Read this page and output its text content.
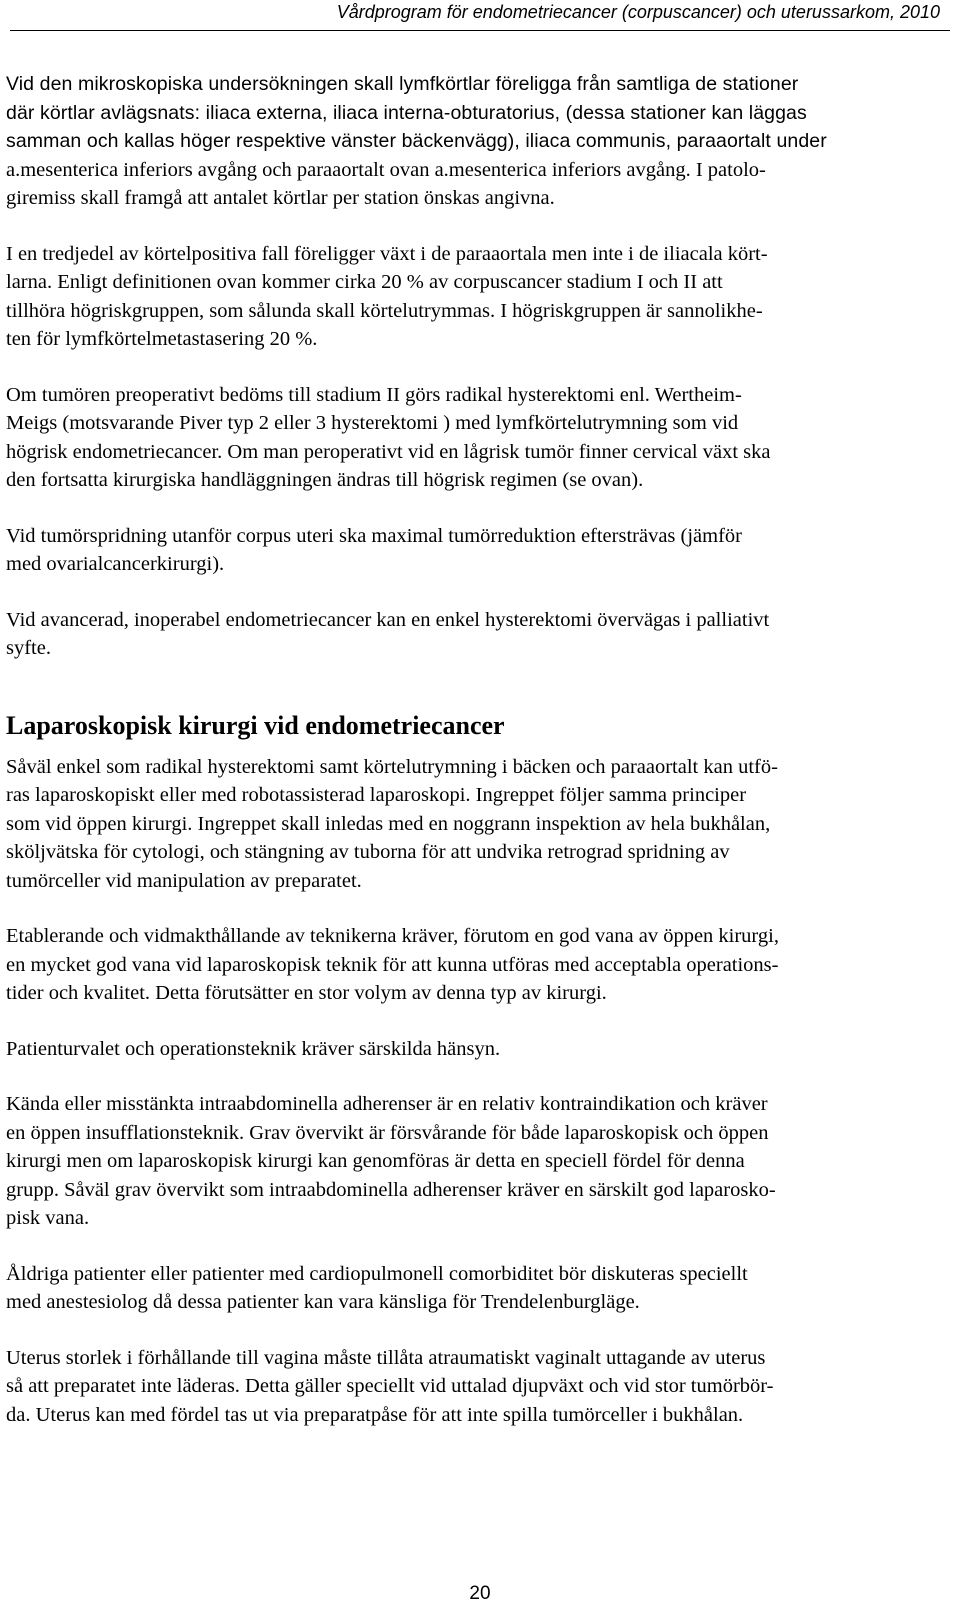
Vårdprogram för endometriecancer (corpuscancer) och uterussarkom, 2010

Vid den mikroskopiska undersökningen skall lymfkörtlar föreligga från samtliga de stationer
där körtlar avlägsnats: iliaca externa, iliaca interna-obturatorius, (dessa stationer kan läggas
samman och kallas höger respektive vänster bäckenvägg), iliaca communis, paraaortalt under
a.mesenterica inferiors avgång och paraaortalt ovan a.mesenterica inferiors avgång. I patolo-
giremiss skall framgå att antalet körtlar per station önskas angivna.

I en tredjedel av körtelpositiva fall föreligger växt i de paraaortala men inte i de iliacala kört-
larna. Enligt definitionen ovan kommer cirka 20 % av corpuscancer stadium I och II att
tillhöra högriskgruppen, som sålunda skall körtelutrymmas. I högriskgruppen är sannolikhe-
ten för lymfkörtelmetastasering 20 %.

Om tumören preoperativt bedöms till stadium II görs radikal hysterektomi enl. Wertheim-
Meigs (motsvarande Piver typ 2 eller 3 hysterektomi ) med lymfkörtelutrymning som vid
högrisk endometriecancer. Om man peroperativt vid en lågrisk tumör finner cervical växt ska
den fortsatta kirurgiska handläggningen ändras till högrisk regimen (se ovan).

Vid tumörspridning utanför corpus uteri ska maximal tumörreduktion eftersträvas (jämför
med ovarialcancerkirurgi).

Vid avancerad, inoperabel endometriecancer kan en enkel hysterektomi övervägas i palliativt
syfte.

Laparoskopisk kirurgi vid endometriecancer

Såväl enkel som radikal hysterektomi samt körtelutrymning i bäcken och paraaortalt kan utfö-
ras laparoskopiskt eller med robotassisterad laparoskopi. Ingreppet följer samma principer
som vid öppen kirurgi. Ingreppet skall inledas med en noggrann inspektion av hela bukhålan,
sköljvätska för cytologi, och stängning av tuborna för att undvika retrograd spridning av
tumörceller vid manipulation av preparatet.

Etablerande och vidmakthållande av teknikerna kräver, förutom en god vana av öppen kirurgi,
en mycket god vana vid laparoskopisk teknik för att kunna utföras med acceptabla operations-
tider och kvalitet. Detta förutsätter en stor volym av denna typ av kirurgi.

Patienturvalet och operationsteknik kräver särskilda hänsyn.

Kända eller misstänkta intraabdominella adherenser är en relativ kontraindikation och kräver
en öppen insufflationsteknik. Grav övervikt är försvårande för både laparoskopisk och öppen
kirurgi men om laparoskopisk kirurgi kan genomföras är detta en speciell fördel för denna
grupp. Såväl grav övervikt som intraabdominella adherenser kräver en särskilt god laparosko-
pisk vana.

Åldriga patienter eller patienter med cardiopulmonell comorbiditet bör diskuteras speciellt
med anestesiolog då dessa patienter kan vara känsliga för Trendelenburgläge.

Uterus storlek i förhållande till vagina måste tillåta atraumatiskt vaginalt uttagande av uterus
så att preparatet inte läderas. Detta gäller speciellt vid uttalad djupväxt och vid stor tumörbör-
da. Uterus kan med fördel tas ut via preparatpåse för att inte spilla tumörceller i bukhålan.

20
